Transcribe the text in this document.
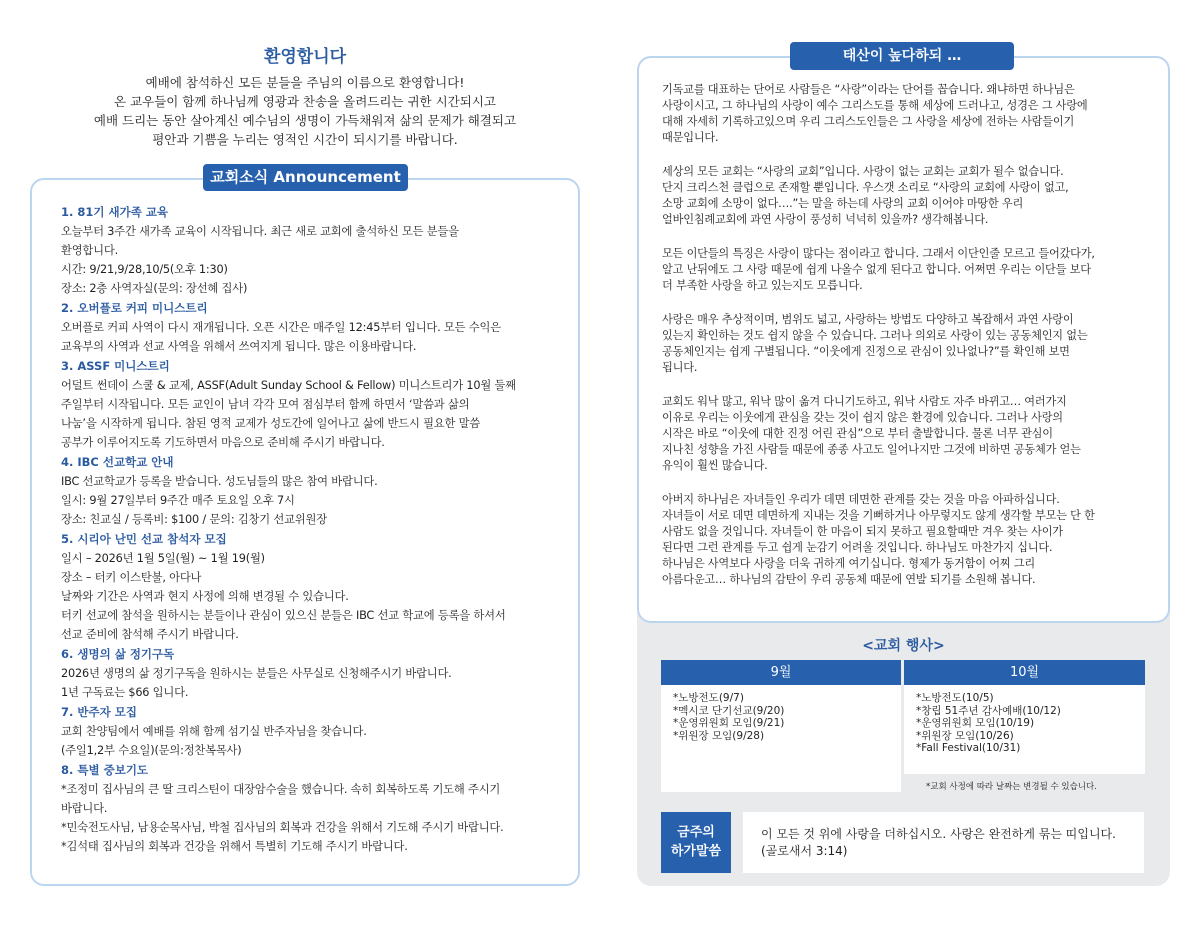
환영합니다

예배에 참석하신 모든 분들을 주님의 이름으로 환영합니다!

온 교우들이 함께 하나님께 영광과 찬송을 올려드리는 귀한 시간되시고

예배 드리는 동안 살아계신 예수님의 생명이 가득채워져 삶의 문제가 해결되고

평안과 기쁨을 누리는 영적인 시간이 되시기를 바랍니다.

교회소식 Announcement
1. 81기 새가족 교육
오늘부터 3주간 새가족 교육이 시작됩니다. 최근 새로 교회에 출석하신 모든 분들을
환영합니다.
시간: 9/21,9/28,10/5(오후 1:30)
장소: 2층 사역자실(문의: 장선혜 집사)
2. 오버플로 커피 미니스트리
오버플로 커피 사역이 다시 재개됩니다. 오픈 시간은 매주일 12:45부터 입니다. 모든 수익은
교육부의 사역과 선교 사역을 위해서 쓰여지게 됩니다. 많은 이용바랍니다.
3. ASSF 미니스트리
어덜트 썬데이 스쿨 & 교제, ASSF(Adult Sunday School & Fellow) 미니스트리가 10월 둘째
주일부터 시작됩니다. 모든 교인이 남녀 각각 모여 점심부터 함께 하면서 ‘말씀과 삶의
나눔’을 시작하게 됩니다. 참된 영적 교제가 성도간에 일어나고 삶에 반드시 필요한 말씀
공부가 이루어지도록 기도하면서 마음으로 준비해 주시기 바랍니다.
4. IBC 선교학교 안내
IBC 선교학교가 등록을 받습니다. 성도님들의 많은 참여 바랍니다.
일시: 9월 27일부터 9주간 매주 토요일 오후 7시
장소: 친교실 / 등록비: $100 / 문의: 김창기 선교위원장
5. 시리아 난민 선교 참석자 모집
일시 – 2026년 1월 5일(월) ~ 1월 19(월)
장소 – 터키 이스탄불, 아다나
날짜와 기간은 사역과 현지 사정에 의해 변경될 수 있습니다.
터키 선교에 참석을 원하시는 분들이나 관심이 있으신 분들은 IBC 선교 학교에 등록을 하셔서
선교 준비에 참석해 주시기 바랍니다.
6. 생명의 삶 정기구독
2026년 생명의 삶 정기구독을 원하시는 분들은 사무실로 신청해주시기 바랍니다.
1년 구독료는 $66 입니다.
7. 반주자 모집
교회 찬양팀에서 예배를 위해 함께 섬기실 반주자님을 찾습니다.
(주일1,2부 수요일)(문의:정찬복목사)
8. 특별 중보기도
*조정미 집사님의 큰 딸 크리스틴이 대장암수술을 했습니다. 속히 회복하도록 기도해 주시기
바랍니다.
*민숙전도사님, 남용순목사님, 박철 집사님의 회복과 건강을 위해서 기도해 주시기 바랍니다.
*김석태 집사님의 회복과 건강을 위해서 특별히 기도해 주시기 바랍니다.
태산이 높다하되 …
기독교를 대표하는 단어로 사람들은 “사랑”이라는 단어를 꼽습니다. 왜냐하면 하나님은
사랑이시고, 그 하나님의 사랑이 예수 그리스도를 통해 세상에 드러나고, 성경은 그 사랑에
대해 자세히 기록하고있으며 우리 그리스도인들은 그 사랑을 세상에 전하는 사람들이기
때문입니다.
세상의 모든 교회는 “사랑의 교회”입니다. 사랑이 없는 교회는 교회가 될수 없습니다.
단지 크리스천 클럽으로 존재할 뿐입니다. 우스갯 소리로 “사랑의 교회에 사랑이 없고,
소망 교회에 소망이 없다….”는 말을 하는데 사랑의 교회 이어야 마땅한 우리
얼바인침례교회에 과연 사랑이 풍성히 넉넉히 있을까? 생각해봅니다.
모든 이단들의 특징은 사랑이 많다는 점이라고 합니다. 그래서 이단인줄 모르고 들어갔다가,
알고 난뒤에도 그 사랑 때문에 쉽게 나올수 없게 된다고 합니다. 어쩌면 우리는 이단들 보다
더 부족한 사랑을 하고 있는지도 모릅니다.
사랑은 매우 추상적이며, 범위도 넓고, 사랑하는 방법도 다양하고 복잡해서 과연 사랑이
있는지 확인하는 것도 쉽지 않을 수 있습니다. 그러나 의외로 사랑이 있는 공동체인지 없는
공동체인지는 쉽게 구별됩니다. “이웃에게 진정으로 관심이 있나없나?”를 확인해 보면
됩니다.
교회도 워낙 많고, 워낙 많이 옮겨 다니기도하고, 워낙 사람도 자주 바뀌고… 여러가지
이유로 우리는 이웃에게 관심을 갖는 것이 쉽지 않은 환경에 있습니다. 그러나 사랑의
시작은 바로 “이웃에 대한 진정 어린 관심”으로 부터 출발합니다. 물론 너무 관심이
지나친 성향을 가진 사람들 때문에 종종 사고도 일어나지만 그것에 비하면 공동체가 얻는
유익이 훨씬 많습니다.
아버지 하나님은 자녀들인 우리가 데면 데면한 관계를 갖는 것을 마음 아파하십니다.
자녀들이 서로 데면 데면하게 지내는 것을 기뻐하거나 아무렇지도 않게 생각할 부모는 단 한
사람도 없을 것입니다. 자녀들이 한 마음이 되지 못하고 필요할때만 겨우 찾는 사이가
된다면 그런 관계를 두고 쉽게 눈감기 어려울 것입니다. 하나님도 마찬가지 십니다.
하나님은 사역보다 사랑을 더욱 귀하게 여기십니다. 형제가 동거함이 어찌 그리
아름다운고… 하나님의 감탄이 우리 공동체 때문에 연발 되기를 소원해 봅니다.
<교회 행사>
9월	10월
*노방전도(9/7)
*멕시코 단기선교(9/20)
*운영위원회 모임(9/21)
*위원장 모임(9/28)
*노방전도(10/5)
*창립 51주년 감사예배(10/12)
*운영위원회 모임(10/19)
*위원장 모임(10/26)
*Fall Festival(10/31)
*교회 사정에 따라 날짜는 변경될 수 있습니다.
금주의
하가말씀
이 모든 것 위에 사랑을 더하십시오. 사랑은 완전하게 묶는 띠입니다.
(골로새서 3:14)
